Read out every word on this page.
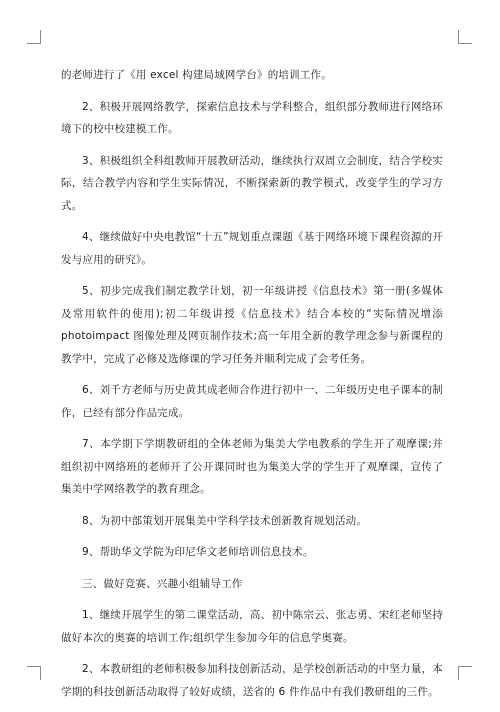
的老师进行了《用 excel 构建局域网学台》的培训工作。

2、积极开展网络教学，探索信息技术与学科整合，组织部分教师进行网络环境下的校中校建模工作。

3、积极组织全科组教师开展教研活动，继续执行双周立会制度，结合学校实际，结合教学内容和学生实际情况，不断探索新的教学模式，改变学生的学习方式。

4、继续做好中央电教馆“十五”规划重点课题《基于网络环境下课程资源的开发与应用的研究》。

5、初步完成我们制定教学计划，初一年级讲授《信息技术》第一册(多媒体及常用软件的使用);初二年级讲授《信息技术》结合本校的“实际情况增添 photoimpact 图像处理及网页制作技术;高一年用全新的教学理念参与新课程的教学中，完成了必修及选修课的学习任务并顺利完成了会考任务。

6、刘千方老师与历史黄其成老师合作进行初中一、二年级历史电子课本的制作，已经有部分作品完成。

7、本学期下学期教研组的全体老师为集美大学电教系的学生开了观摩课;并组织初中网络班的老师开了公开课同时也为集美大学的学生开了观摩课，宣传了集美中学网络教学的教育理念。

8、为初中部策划开展集美中学科学技术创新教育规划活动。

9、帮助华文学院为印尼华文老师培训信息技术。

三、做好竞赛、兴趣小组辅导工作

1、继续开展学生的第二课堂活动，高、初中陈宗云、张志勇、宋红老师坚持做好本次的奥赛的培训工作;组织学生参加今年的信息学奥赛。

2、本教研组的老师积极参加科技创新活动，是学校创新活动的中坚力量，本学期的科技创新活动取得了较好成绩，送省的 6 件作品中有我们教研组的三件。
